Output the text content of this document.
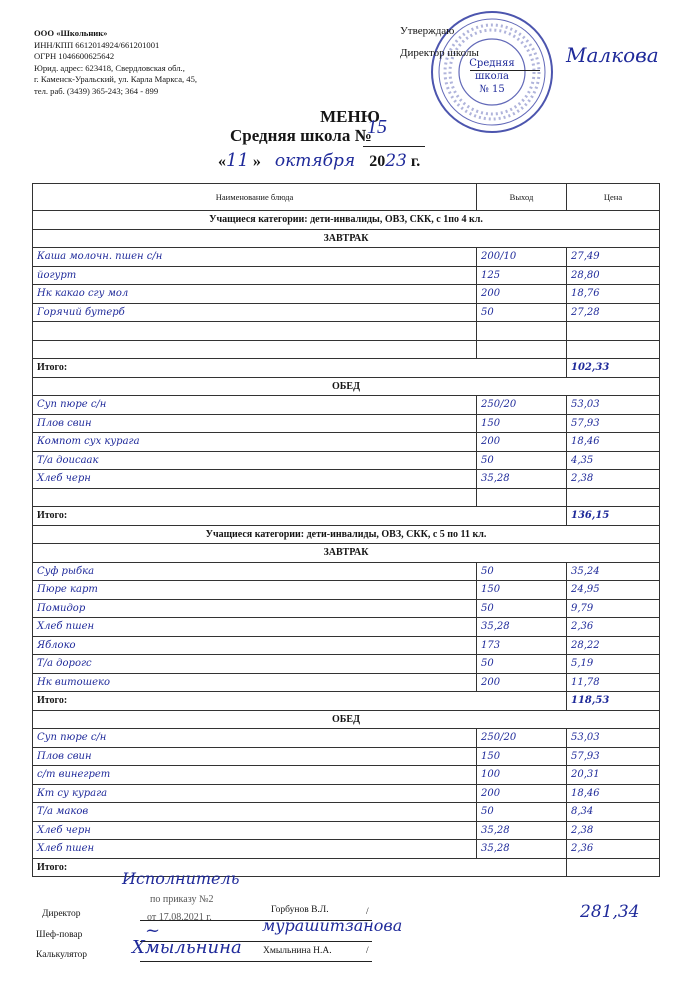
ООО «Школьник»
ИНН/КПП 6612014924/661201001
ОГРН 1046600625642
Юрид. адрес: 623418, Свердловская обл.,
г. Каменск-Уральский, ул. Карла Маркса, 45,
тел. раб. (3439) 365-243; 364 - 899
Средняя
школа
№ 15
Утверждаю
Директор школы	Малкова
МЕНЮ
Средняя школа №
15
«11 » октября 2023 г.
Наименование блюда	Выход	Цена
Учащиеся категории: дети-инвалиды, ОВЗ, СКК, с 1по 4 кл.		
ЗАВТРАК		
Каша молочн. пшен с/н	200/10	27,49
йогурт	125	28,80
Нк какао сгу мол	200	18,76
Горячий бутерб	50	27,28

Итого:		102,33
ОБЕД		
Суп пюре с/н	250/20	53,03
Плов свин	150	57,93
Компот сух курага	200	18,46
Т/а доисаак	50	4,35
Хлеб черн	35,28	2,38

Итого:		136,15
Учащиеся категории: дети-инвалиды, ОВЗ, СКК, с 5 по 11 кл.		
ЗАВТРАК		
Суф рыбка	50	35,24
Пюре карт	150	24,95
Помидор	50	9,79
Хлеб пшен	35,28	2,36
Яблоко	173	28,22
Т/а дорогс	50	5,19
Нк витошеко	200	11,78
Итого:		118,53
ОБЕД		
Суп пюре с/н	250/20	53,03
Плов свин	150	57,93
с/т винегрет	100	20,31
Кт су курага	200	18,46
Т/а маков	50	8,34
Хлеб черн	35,28	2,38
Хлеб пшен	35,28	2,36
Итого:		
Исполнитель
по приказу №2
от 17.08.2021 г.
Директор	Горбунов В.Л.	/
Шеф-повар	~	мурашитзанова
Калькулятор Хмыльнина Хмыльнина Н.А.	/
281,34
